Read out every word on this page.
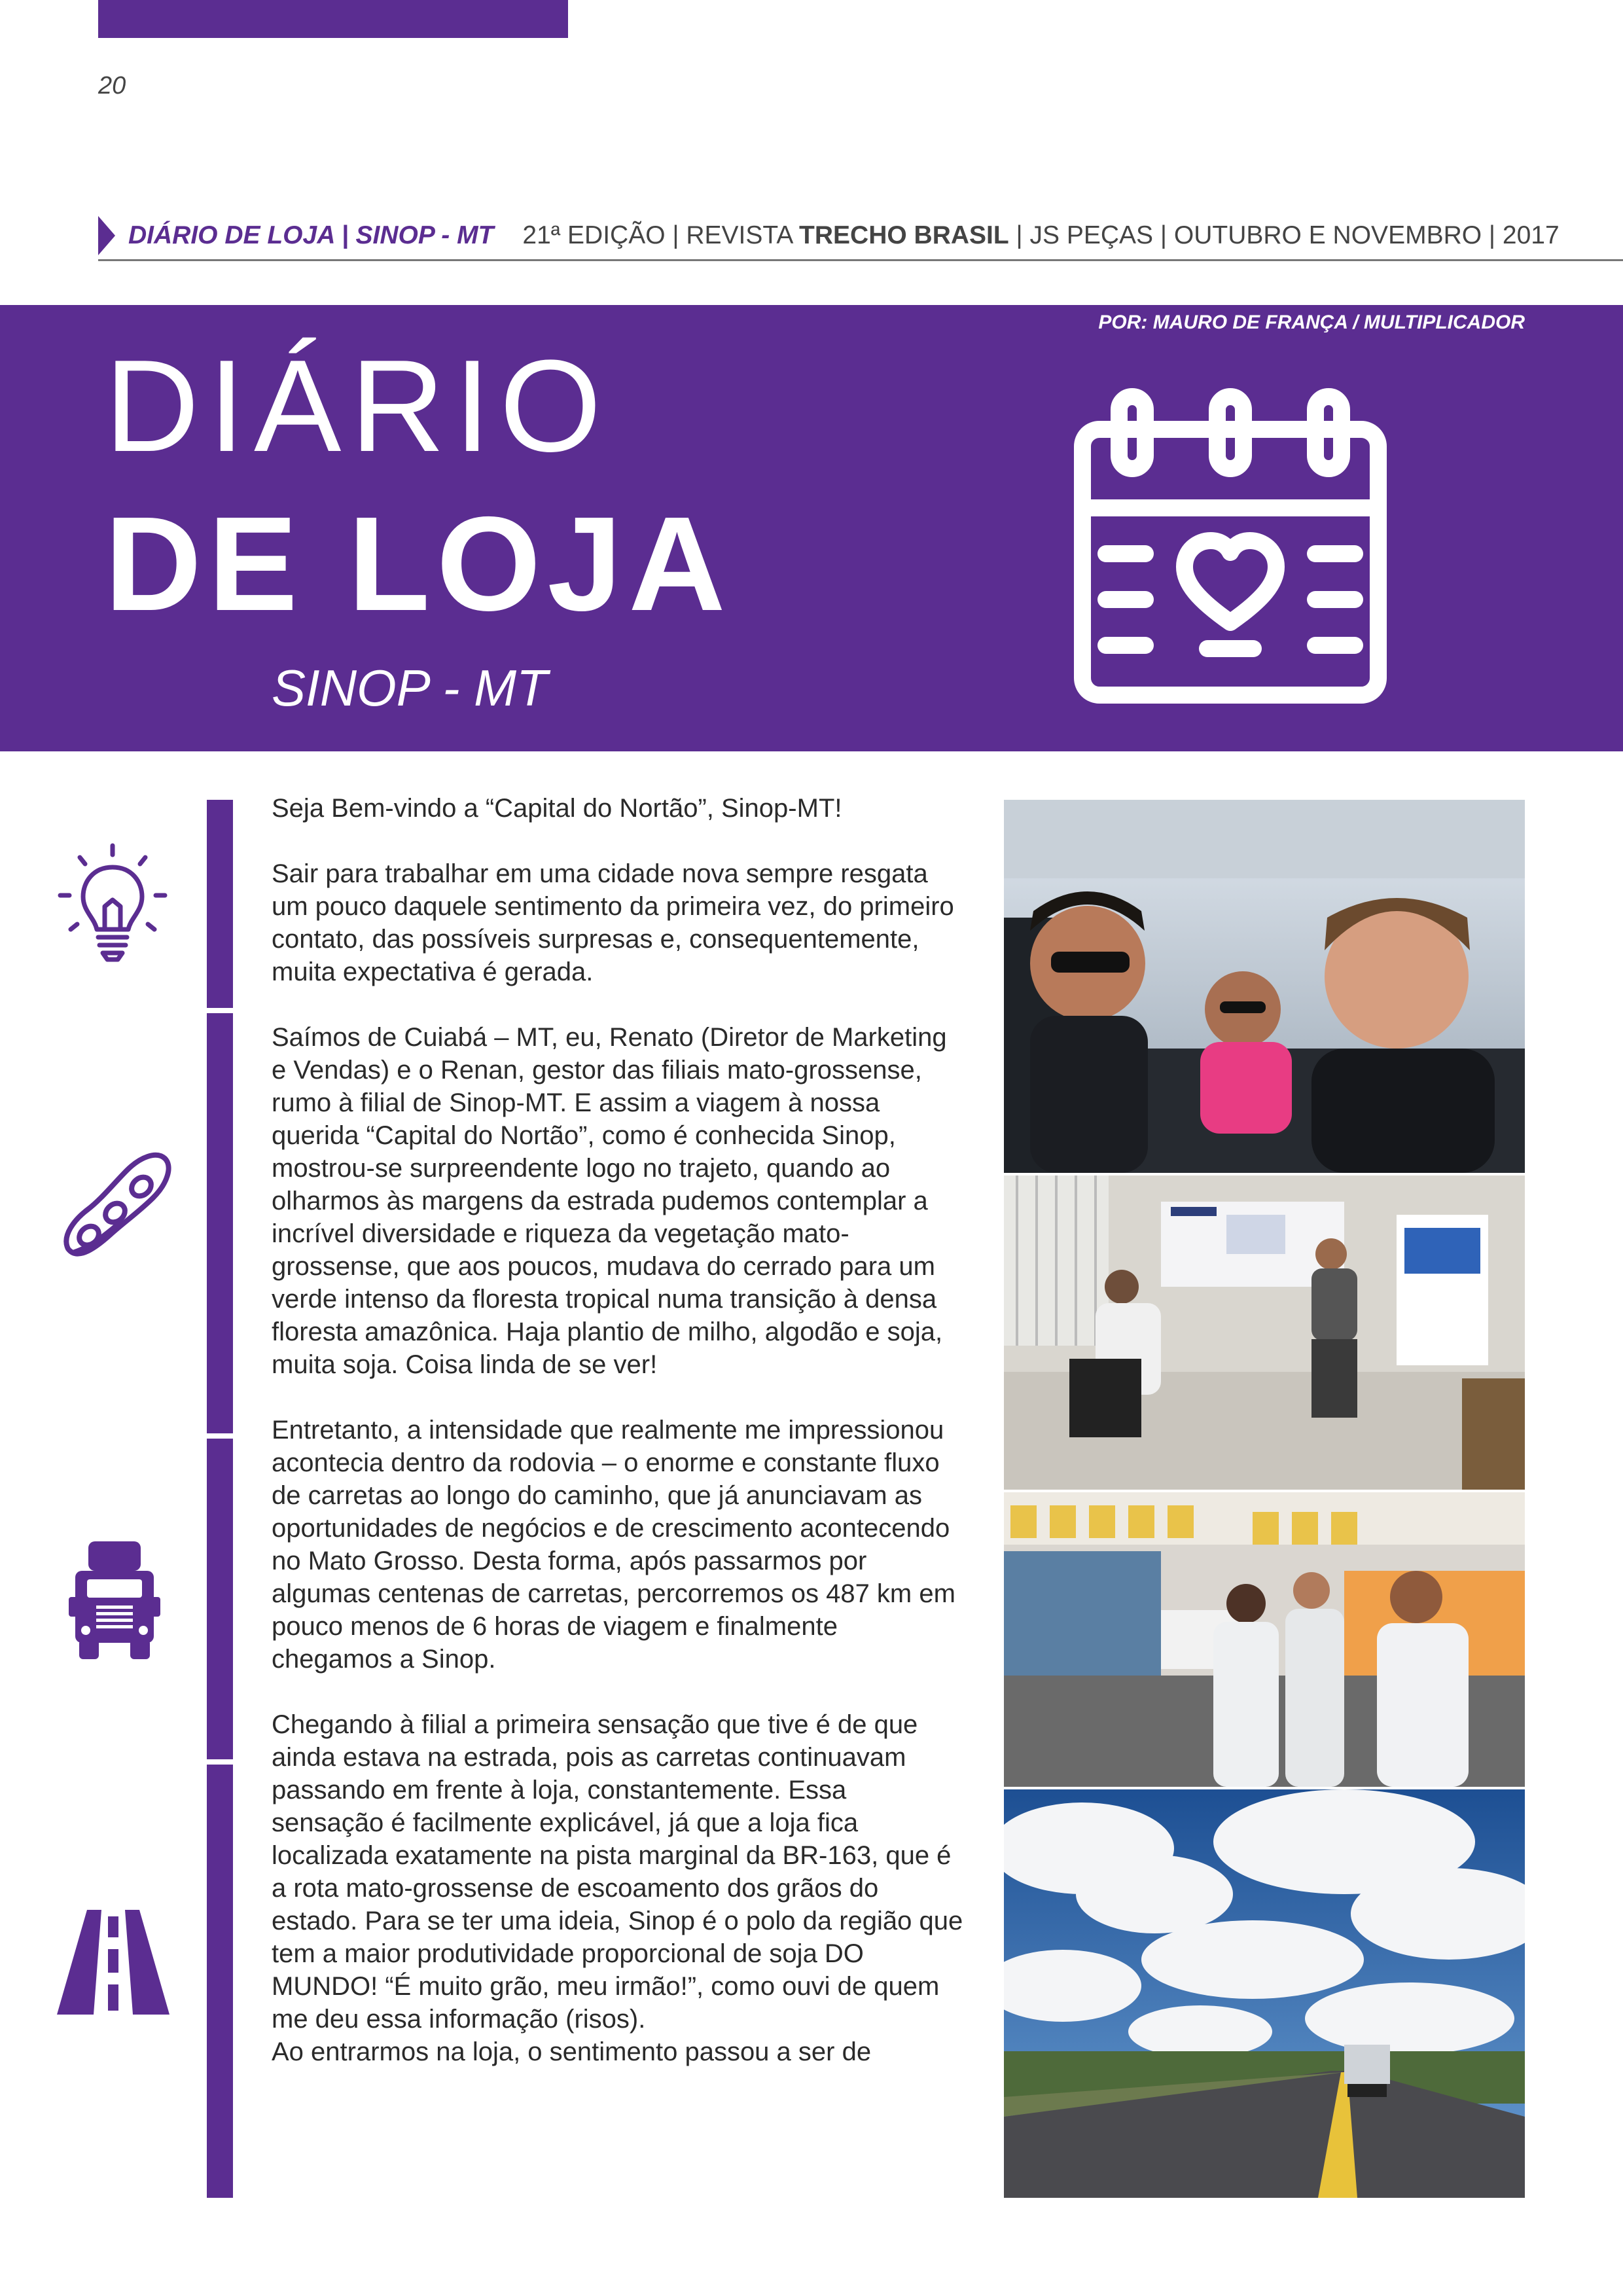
20
DIÁRIO DE LOJA | SINOP - MT 21ª EDIÇÃO | REVISTA TRECHO BRASIL | JS PEÇAS | OUTUBRO E NOVEMBRO | 2017
POR: MAURO DE FRANÇA / MULTIPLICADOR
DIÁRIO
DE LOJA
SINOP - MT

Seja Bem-vindo a “Capital do Nortão”, Sinop-MT!

Sair para trabalhar em uma cidade nova sempre resgata um pouco daquele sentimento da primeira vez, do primeiro contato, das possíveis surpresas e, consequentemente, muita expectativa é gerada.

Saímos de Cuiabá – MT, eu, Renato (Diretor de Marketing e Vendas) e o Renan, gestor das filiais mato-grossense, rumo à filial de Sinop-MT. E assim a viagem à nossa querida “Capital do Nortão”, como é conhecida Sinop, mostrou-se surpreendente logo no trajeto, quando ao olharmos às margens da estrada pudemos contemplar a incrível diversidade e riqueza da vegetação mato-grossense, que aos poucos, mudava do cerrado para um verde intenso da floresta tropical numa transição à densa floresta amazônica. Haja plantio de milho, algodão e soja, muita soja. Coisa linda de se ver!

Entretanto, a intensidade que realmente me impressionou acontecia dentro da rodovia – o enorme e constante fluxo de carretas ao longo do caminho, que já anunciavam as oportunidades de negócios e de crescimento acontecendo no Mato Grosso. Desta forma, após passarmos por algumas centenas de carretas, percorremos os 487 km em pouco menos de 6 horas de viagem e finalmente chegamos a Sinop.

Chegando à filial a primeira sensação que tive é de que ainda estava na estrada, pois as carretas continuavam passando em frente à loja, constantemente. Essa sensação é facilmente explicável, já que a loja fica localizada exatamente na pista marginal da BR-163, que é a rota mato-grossense de escoamento dos grãos do estado. Para se ter uma ideia, Sinop é o polo da região que tem a maior produtividade proporcional de soja DO MUNDO! “É muito grão, meu irmão!”, como ouvi de quem me deu essa informação (risos).

Ao entrarmos na loja, o sentimento passou a ser de
